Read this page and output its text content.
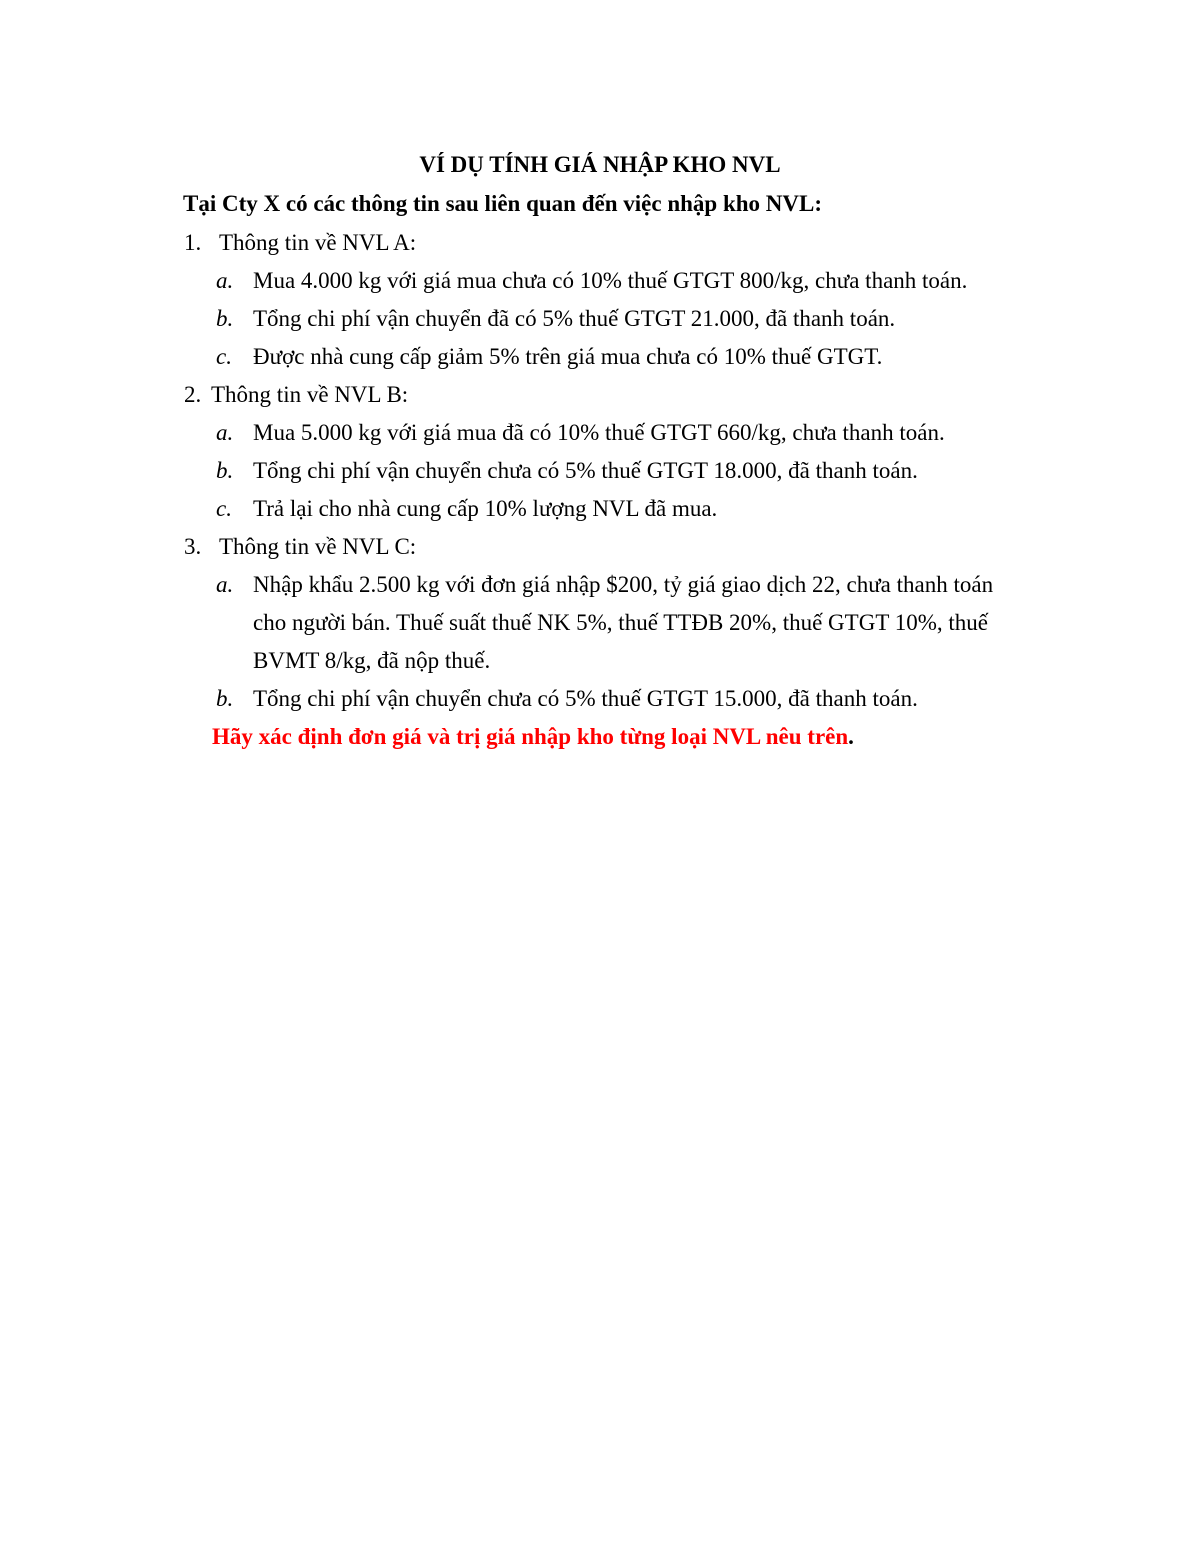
VÍ DỤ TÍNH GIÁ NHẬP KHO NVL

Tại Cty X có các thông tin sau liên quan đến việc nhập kho NVL:

1. Thông tin về NVL A:
a. Mua 4.000 kg với giá mua chưa có 10% thuế GTGT 800/kg, chưa thanh toán.
b. Tổng chi phí vận chuyển đã có 5% thuế GTGT 21.000, đã thanh toán.
c. Được nhà cung cấp giảm 5% trên giá mua chưa có 10% thuế GTGT.
2. Thông tin về NVL B:
a. Mua 5.000 kg với giá mua đã có 10% thuế GTGT 660/kg, chưa thanh toán.
b. Tổng chi phí vận chuyển chưa có 5% thuế GTGT 18.000, đã thanh toán.
c. Trả lại cho nhà cung cấp 10% lượng NVL đã mua.
3. Thông tin về NVL C:
a. Nhập khẩu 2.500 kg với đơn giá nhập $200, tỷ giá giao dịch 22, chưa thanh toán
cho người bán. Thuế suất thuế NK 5%, thuế TTĐB 20%, thuế GTGT 10%, thuế
BVMT 8/kg, đã nộp thuế.
b. Tổng chi phí vận chuyển chưa có 5% thuế GTGT 15.000, đã thanh toán.
Hãy xác định đơn giá và trị giá nhập kho từng loại NVL nêu trên.
